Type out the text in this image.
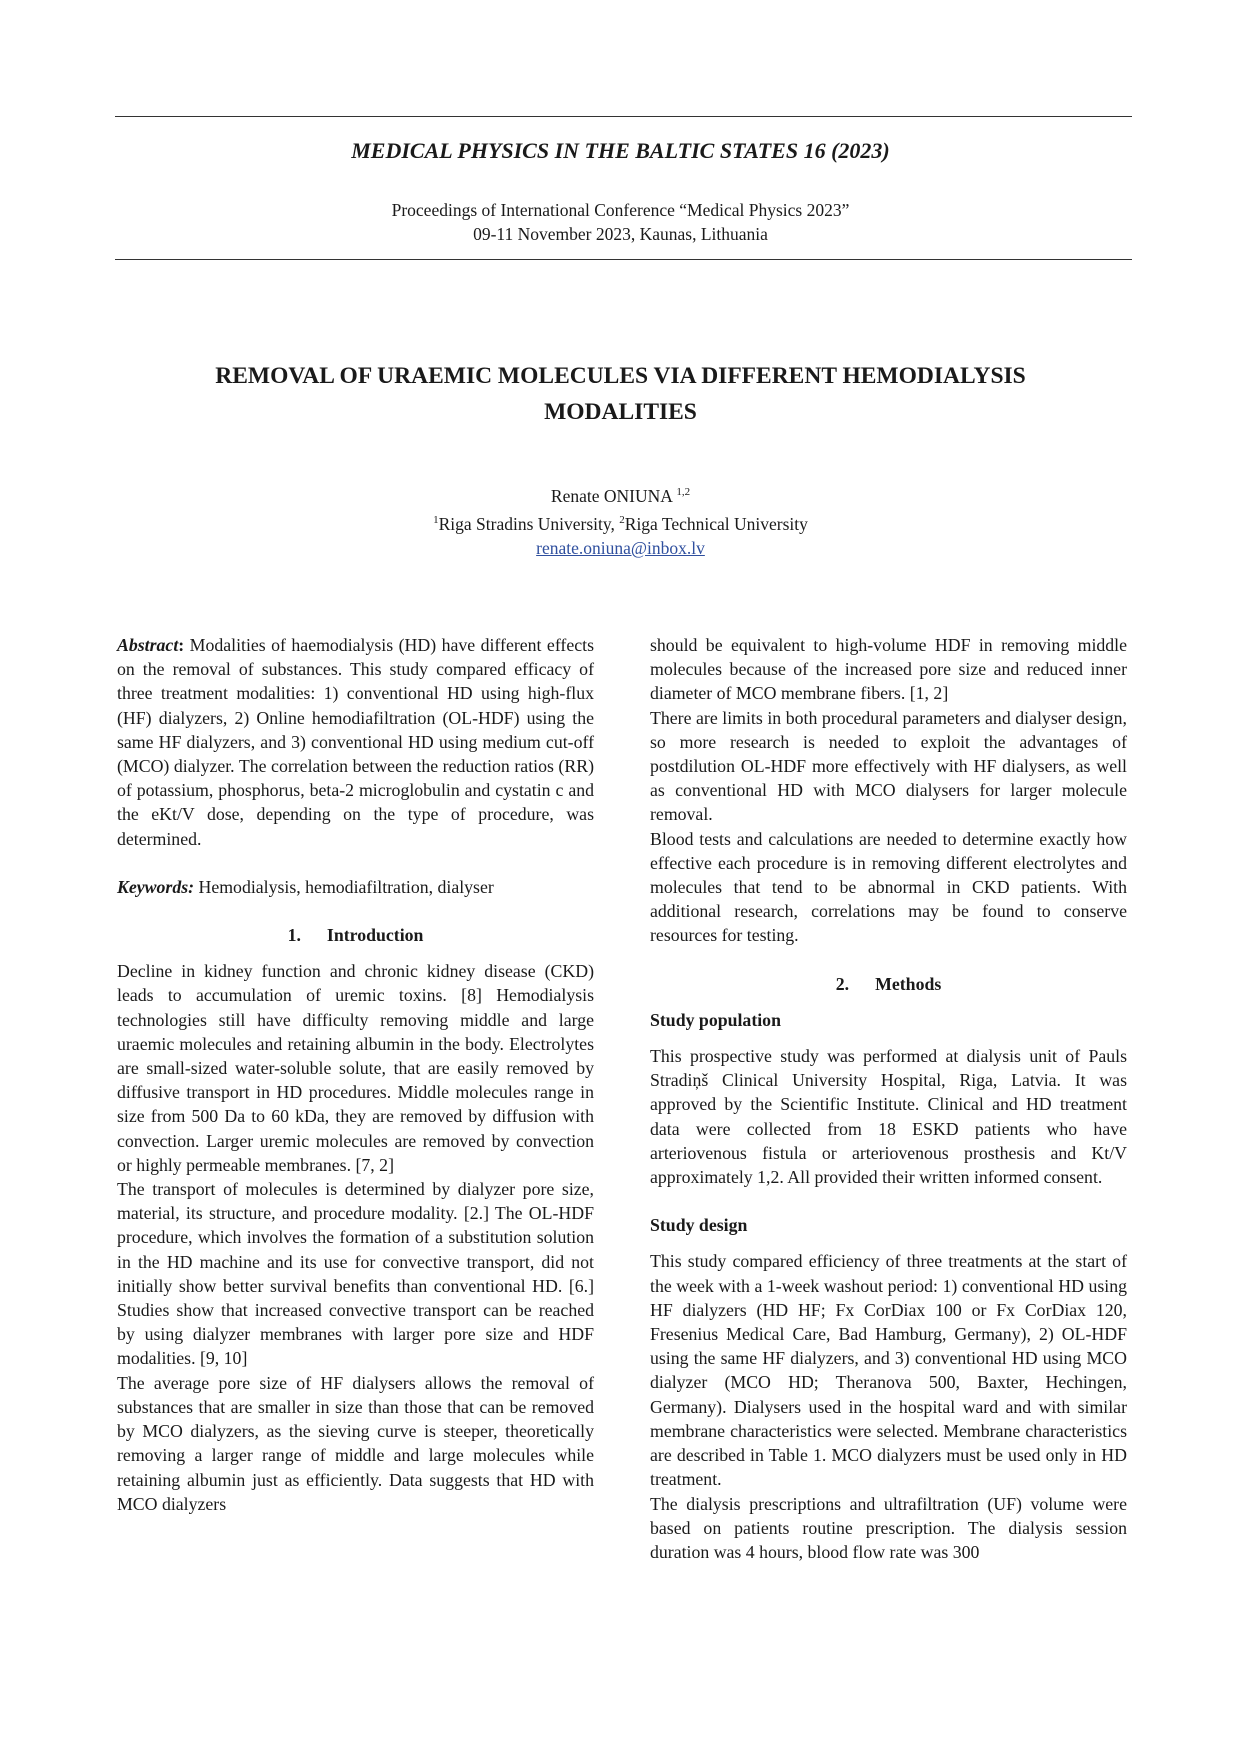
MEDICAL PHYSICS IN THE BALTIC STATES 16 (2023)
Proceedings of International Conference “Medical Physics 2023”
09-11 November 2023, Kaunas, Lithuania
REMOVAL OF URAEMIC MOLECULES VIA DIFFERENT HEMODIALYSIS MODALITIES
Renate ONIUNA $^{1,2}$
$^1$Riga Stradins University, $^2$Riga Technical University
renate.oniuna@inbox.lv

Abstract: Modalities of haemodialysis (HD) have different effects on the removal of substances. This study compared efficacy of three treatment modalities: 1) conventional HD using high-flux (HF) dialyzers, 2) Online hemodiafiltration (OL-HDF) using the same HF dialyzers, and 3) conventional HD using medium cut-off (MCO) dialyzer. The correlation between the reduction ratios (RR) of potassium, phosphorus, beta-2 microglobulin and cystatin c and the eKt/V dose, depending on the type of procedure, was determined.

Keywords: Hemodialysis, hemodiafiltration, dialyser

1. Introduction

Decline in kidney function and chronic kidney disease (CKD) leads to accumulation of uremic toxins. [8] Hemodialysis technologies still have difficulty removing middle and large uraemic molecules and retaining albumin in the body. Electrolytes are small-sized water-soluble solute, that are easily removed by diffusive transport in HD procedures. Middle molecules range in size from 500 Da to 60 kDa, they are removed by diffusion with convection. Larger uremic molecules are removed by convection or highly permeable membranes. [7, 2]

The transport of molecules is determined by dialyzer pore size, material, its structure, and procedure modality. [2.] The OL-HDF procedure, which involves the formation of a substitution solution in the HD machine and its use for convective transport, did not initially show better survival benefits than conventional HD. [6.] Studies show that increased convective transport can be reached by using dialyzer membranes with larger pore size and HDF modalities. [9, 10]

The average pore size of HF dialysers allows the removal of substances that are smaller in size than those that can be removed by MCO dialyzers, as the sieving curve is steeper, theoretically removing a larger range of middle and large molecules while retaining albumin just as efficiently. Data suggests that HD with MCO dialyzers

should be equivalent to high-volume HDF in removing middle molecules because of the increased pore size and reduced inner diameter of MCO membrane fibers. [1, 2]

There are limits in both procedural parameters and dialyser design, so more research is needed to exploit the advantages of postdilution OL-HDF more effectively with HF dialysers, as well as conventional HD with MCO dialysers for larger molecule removal.

Blood tests and calculations are needed to determine exactly how effective each procedure is in removing different electrolytes and molecules that tend to be abnormal in CKD patients. With additional research, correlations may be found to conserve resources for testing.

2. Methods

Study population

This prospective study was performed at dialysis unit of Pauls Stradiņš Clinical University Hospital, Riga, Latvia. It was approved by the Scientific Institute. Clinical and HD treatment data were collected from 18 ESKD patients who have arteriovenous fistula or arteriovenous prosthesis and Kt/V approximately 1,2. All provided their written informed consent.

Study design

This study compared efficiency of three treatments at the start of the week with a 1-week washout period: 1) conventional HD using HF dialyzers (HD HF; Fx CorDiax 100 or Fx CorDiax 120, Fresenius Medical Care, Bad Hamburg, Germany), 2) OL-HDF using the same HF dialyzers, and 3) conventional HD using MCO dialyzer (MCO HD; Theranova 500, Baxter, Hechingen, Germany). Dialysers used in the hospital ward and with similar membrane characteristics were selected. Membrane characteristics are described in Table 1. MCO dialyzers must be used only in HD treatment.

The dialysis prescriptions and ultrafiltration (UF) volume were based on patients routine prescription. The dialysis session duration was 4 hours, blood flow rate was 300
